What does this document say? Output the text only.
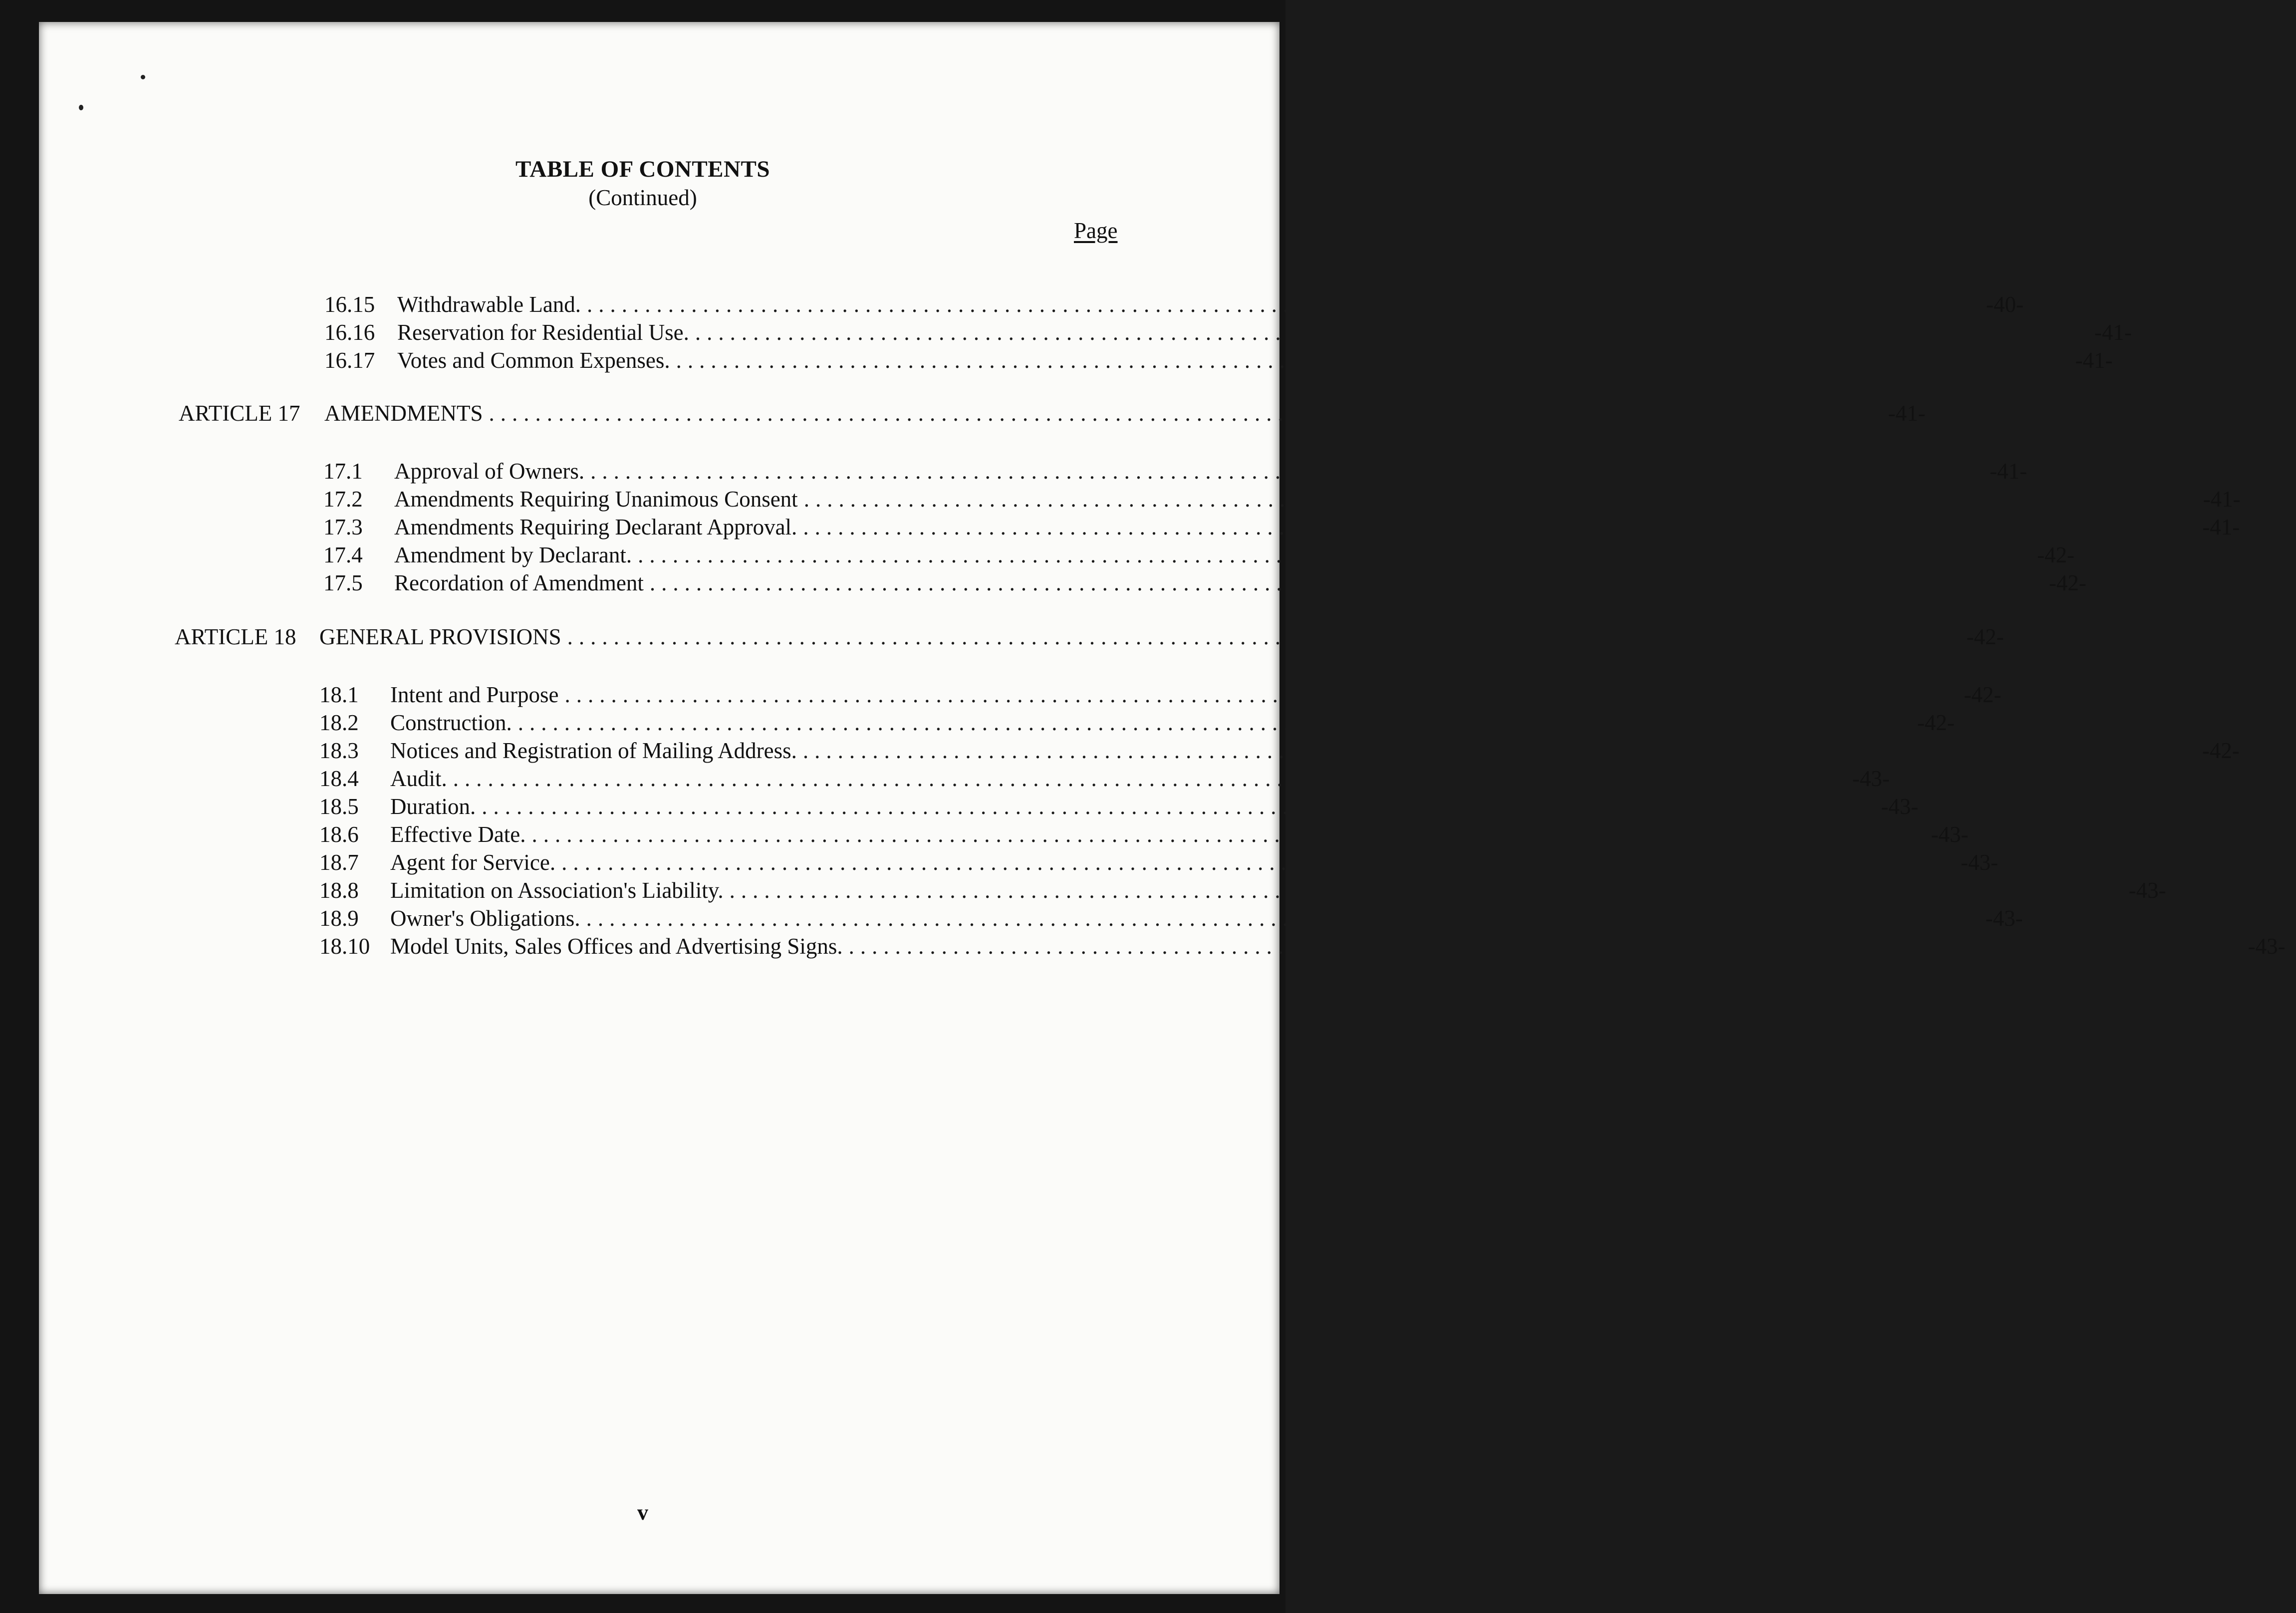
TABLE OF CONTENTS
(Continued)
Page
16.15 Withdrawable Land. ........................................................................................................................ -40-
16.16 Reservation for Residential Use. ........................................................................................................................ -41-
16.17 Votes and Common Expenses. ........................................................................................................................ -41-
ARTICLE 17	AMENDMENTS ........................................................................................................................ -41-
17.1	Approval of Owners. ........................................................................................................................ -41-
17.2	Amendments Requiring Unanimous Consent ........................................................................................................................ -41-
17.3	Amendments Requiring Declarant Approval. ........................................................................................................................ -41-
17.4	Amendment by Declarant. ........................................................................................................................ -42-
17.5	Recordation of Amendment ........................................................................................................................ -42-
ARTICLE 18	GENERAL PROVISIONS ........................................................................................................................ -42-
18.1	Intent and Purpose ........................................................................................................................ -42-
18.2	Construction. ........................................................................................................................ -42-
18.3	Notices and Registration of Mailing Address. ........................................................................................................................ -42-
18.4	Audit. ........................................................................................................................ -43-
18.5	Duration. ........................................................................................................................ -43-
18.6	Effective Date. ........................................................................................................................ -43-
18.7	Agent for Service. ........................................................................................................................ -43-
18.8	Limitation on Association's Liability. ........................................................................................................................ -43-
18.9	Owner's Obligations. ........................................................................................................................ -43-
18.10 Model Units, Sales Offices and Advertising Signs. ........................................................................................................................ -43-
v
